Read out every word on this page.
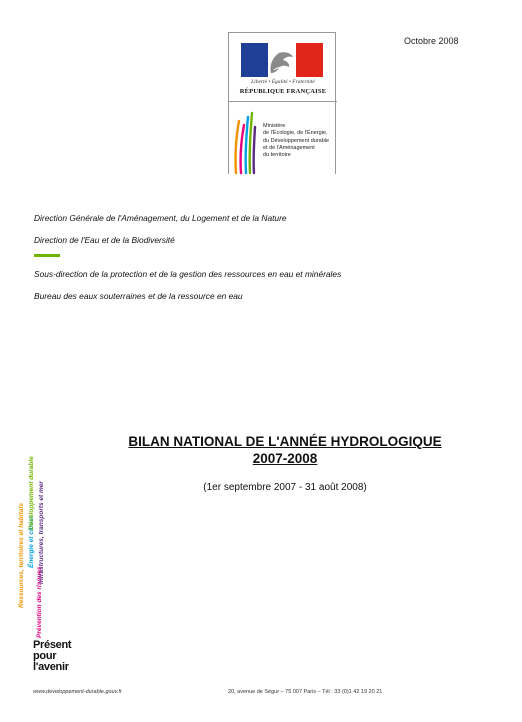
Octobre 2008
Liberté • Égalité • Fraternité
RÉPUBLIQUE FRANÇAISE
Ministère
de l'Écologie, de l'Énergie,
du Développement durable
et de l'Aménagement
du territoire
Direction Générale de l'Aménagement, du Logement et de la Nature
Direction de l'Eau et de la Biodiversité
Sous-direction de la protection et de la gestion des ressources en eau et minérales
Bureau des eaux souterraines et de la ressource en eau
BILAN NATIONAL DE L'ANNÉE HYDROLOGIQUE
2007-2008
(1er septembre 2007 - 31 août 2008)
Ressources, territoires et habitats Prévention des risques
Énergie et climat
Développement durable Infrastructures, transports et mer
Présent
pour
l'avenir
www.developpement-durable.gouv.fr	20, avenue de Ségur – 75 007 Paris – Tél : 33 (0)1 42 19 20 21
